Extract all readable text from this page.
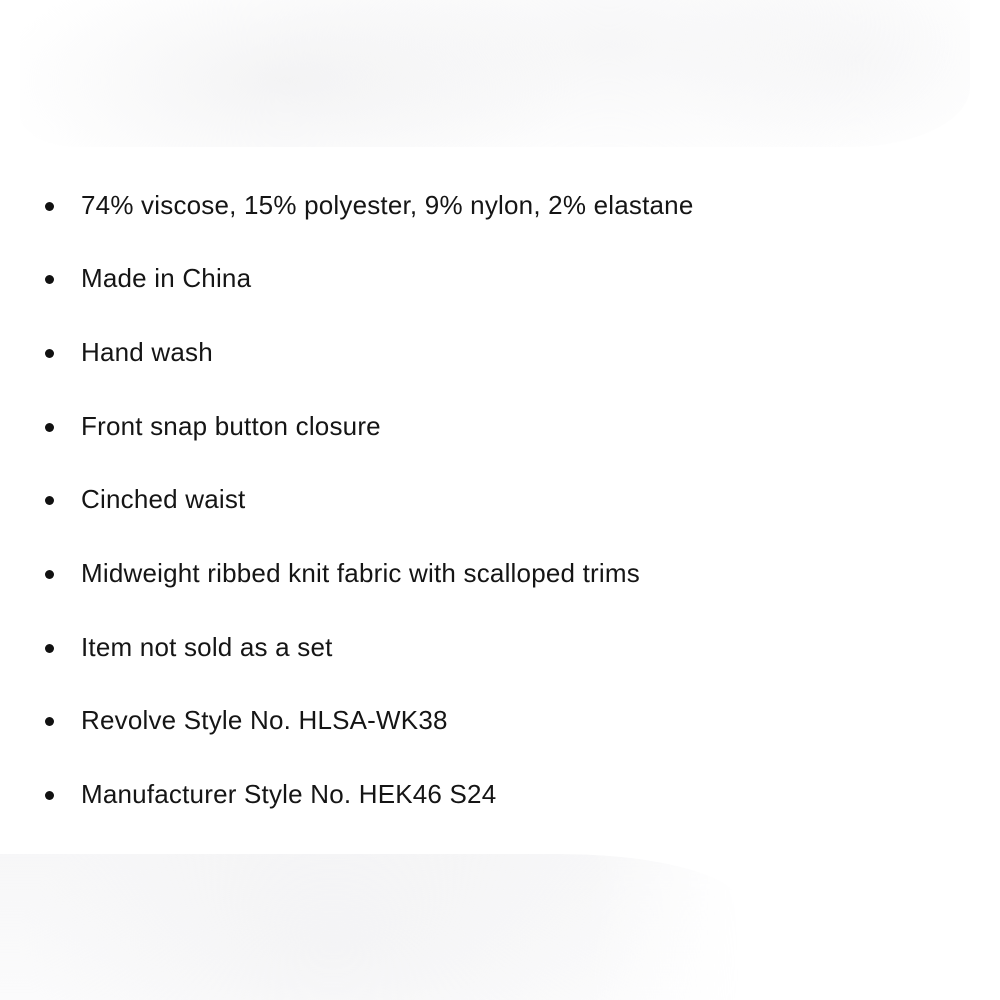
74% viscose, 15% polyester, 9% nylon, 2% elastane
Made in China
Hand wash
Front snap button closure
Cinched waist
Midweight ribbed knit fabric with scalloped trims
Item not sold as a set
Revolve Style No. HLSA-WK38
Manufacturer Style No. HEK46 S24
